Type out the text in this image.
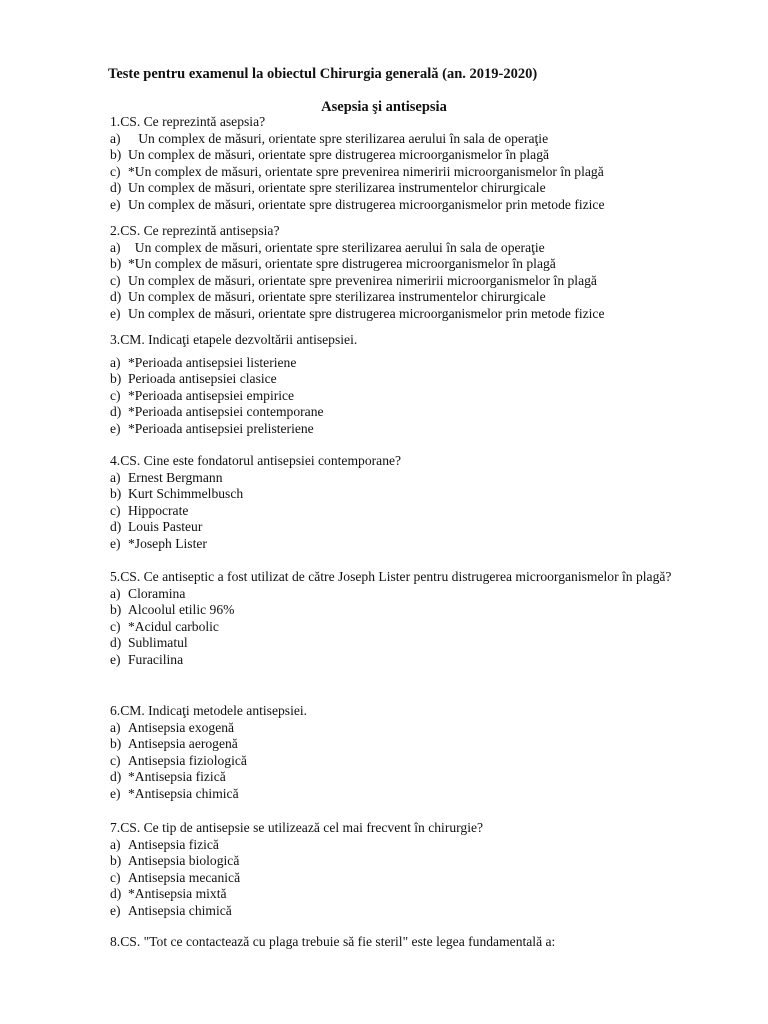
Teste pentru examenul la obiectul Chirurgia generală (an. 2019-2020)
Asepsia şi antisepsia
1.CS. Ce reprezintă asepsia?
a) Un complex de măsuri, orientate spre sterilizarea aerului în sala de operaţie
b) Un complex de măsuri, orientate spre distrugerea microorganismelor în plagă
c) *Un complex de măsuri, orientate spre prevenirea nimeririi microorganismelor în plagă
d) Un complex de măsuri, orientate spre sterilizarea instrumentelor chirurgicale
e) Un complex de măsuri, orientate spre distrugerea microorganismelor prin metode fizice
2.CS. Ce reprezintă antisepsia?
a) Un complex de măsuri, orientate spre sterilizarea aerului în sala de operaţie
b) *Un complex de măsuri, orientate spre distrugerea microorganismelor în plagă
c) Un complex de măsuri, orientate spre prevenirea nimeririi microorganismelor în plagă
d) Un complex de măsuri, orientate spre sterilizarea instrumentelor chirurgicale
e) Un complex de măsuri, orientate spre distrugerea microorganismelor prin metode fizice
3.CM. Indicaţi etapele dezvoltării antisepsiei.
a) *Perioada antisepsiei listeriene
b) Perioada antisepsiei clasice
c) *Perioada antisepsiei empirice
d) *Perioada antisepsiei contemporane
e) *Perioada antisepsiei prelisteriene
4.CS. Cine este fondatorul antisepsiei contemporane?
a) Ernest Bergmann
b) Kurt Schimmelbusch
c) Hippocrate
d) Louis Pasteur
e) *Joseph Lister
5.CS. Ce antiseptic a fost utilizat de către Joseph Lister pentru distrugerea microorganismelor în plagă?
a) Cloramina
b) Alcoolul etilic 96%
c) *Acidul carbolic
d) Sublimatul
e) Furacilina
6.CM. Indicaţi metodele antisepsiei.
a) Antisepsia exogenă
b) Antisepsia aerogenă
c) Antisepsia fiziologică
d) *Antisepsia fizică
e) *Antisepsia chimică
7.CS. Ce tip de antisepsie se utilizează cel mai frecvent în chirurgie?
a) Antisepsia fizică
b) Antisepsia biologică
c) Antisepsia mecanică
d) *Antisepsia mixtă
e) Antisepsia chimică
8.CS. "Tot ce contactează cu plaga trebuie să fie steril" este legea fundamentală a:
